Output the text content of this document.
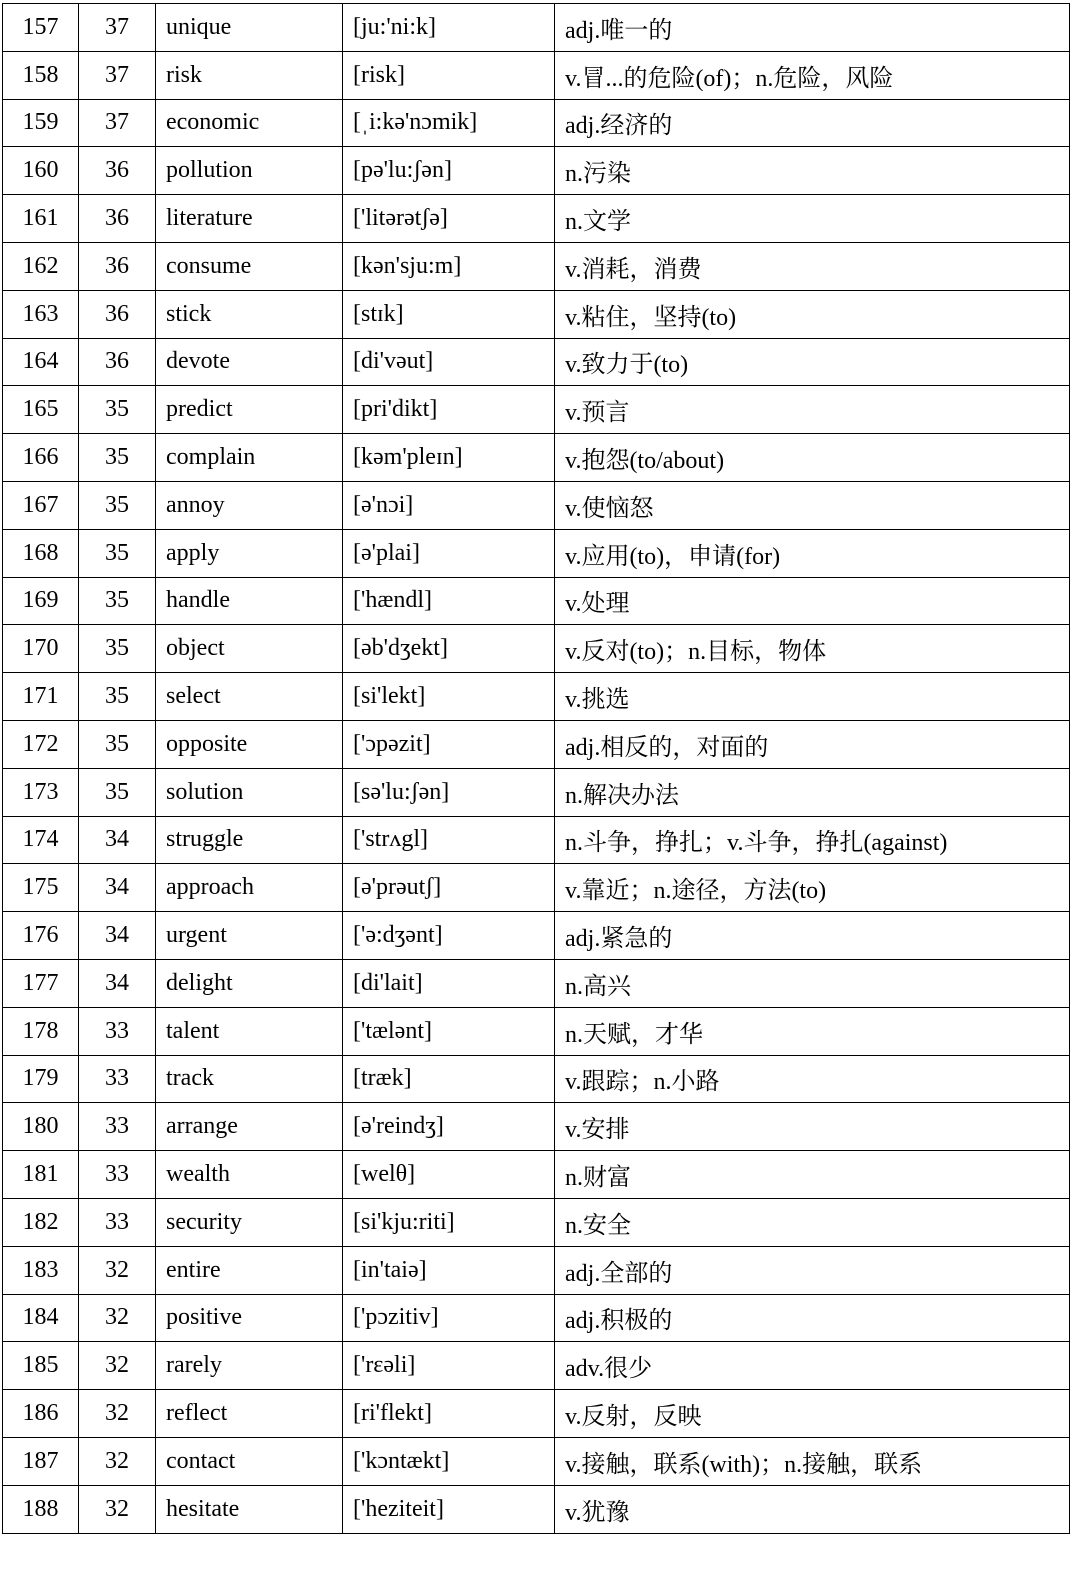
157	37	unique	[ju:'ni:k]	adj.唯一的
158	37	risk	[risk]	v.冒...的危险(of)；n.危险，风险
159	37	economic	[ˌi:kə'nɔmik]	adj.经济的
160	36	pollution	[pə'lu:ʃən]	n.污染
161	36	literature	['litərətʃə]	n.文学
162	36	consume	[kən'sju:m]	v.消耗，消费
163	36	stick	[stɪk]	v.粘住，坚持(to)
164	36	devote	[di'vəut]	v.致力于(to)
165	35	predict	[pri'dikt]	v.预言
166	35	complain	[kəm'pleɪn]	v.抱怨(to/about)
167	35	annoy	[ə'nɔi]	v.使恼怒
168	35	apply	[ə'plai]	v.应用(to)，申请(for)
169	35	handle	['hændl]	v.处理
170	35	object	[əb'dʒekt]	v.反对(to)；n.目标，物体
171	35	select	[si'lekt]	v.挑选
172	35	opposite	['ɔpəzit]	adj.相反的，对面的
173	35	solution	[sə'lu:ʃən]	n.解决办法
174	34	struggle	['strʌgl]	n.斗争，挣扎；v.斗争，挣扎(against)
175	34	approach	[ə'prəutʃ]	v.靠近；n.途径，方法(to)
176	34	urgent	['ə:dʒənt]	adj.紧急的
177	34	delight	[di'lait]	n.高兴
178	33	talent	['tælənt]	n.天赋，才华
179	33	track	[træk]	v.跟踪；n.小路
180	33	arrange	[ə'reindʒ]	v.安排
181	33	wealth	[welθ]	n.财富
182	33	security	[si'kju:riti]	n.安全
183	32	entire	[in'taiə]	adj.全部的
184	32	positive	['pɔzitiv]	adj.积极的
185	32	rarely	['rɛəli]	adv.很少
186	32	reflect	[ri'flekt]	v.反射，反映
187	32	contact	['kɔntækt]	v.接触，联系(with)；n.接触，联系
188	32	hesitate	['heziteit]	v.犹豫
